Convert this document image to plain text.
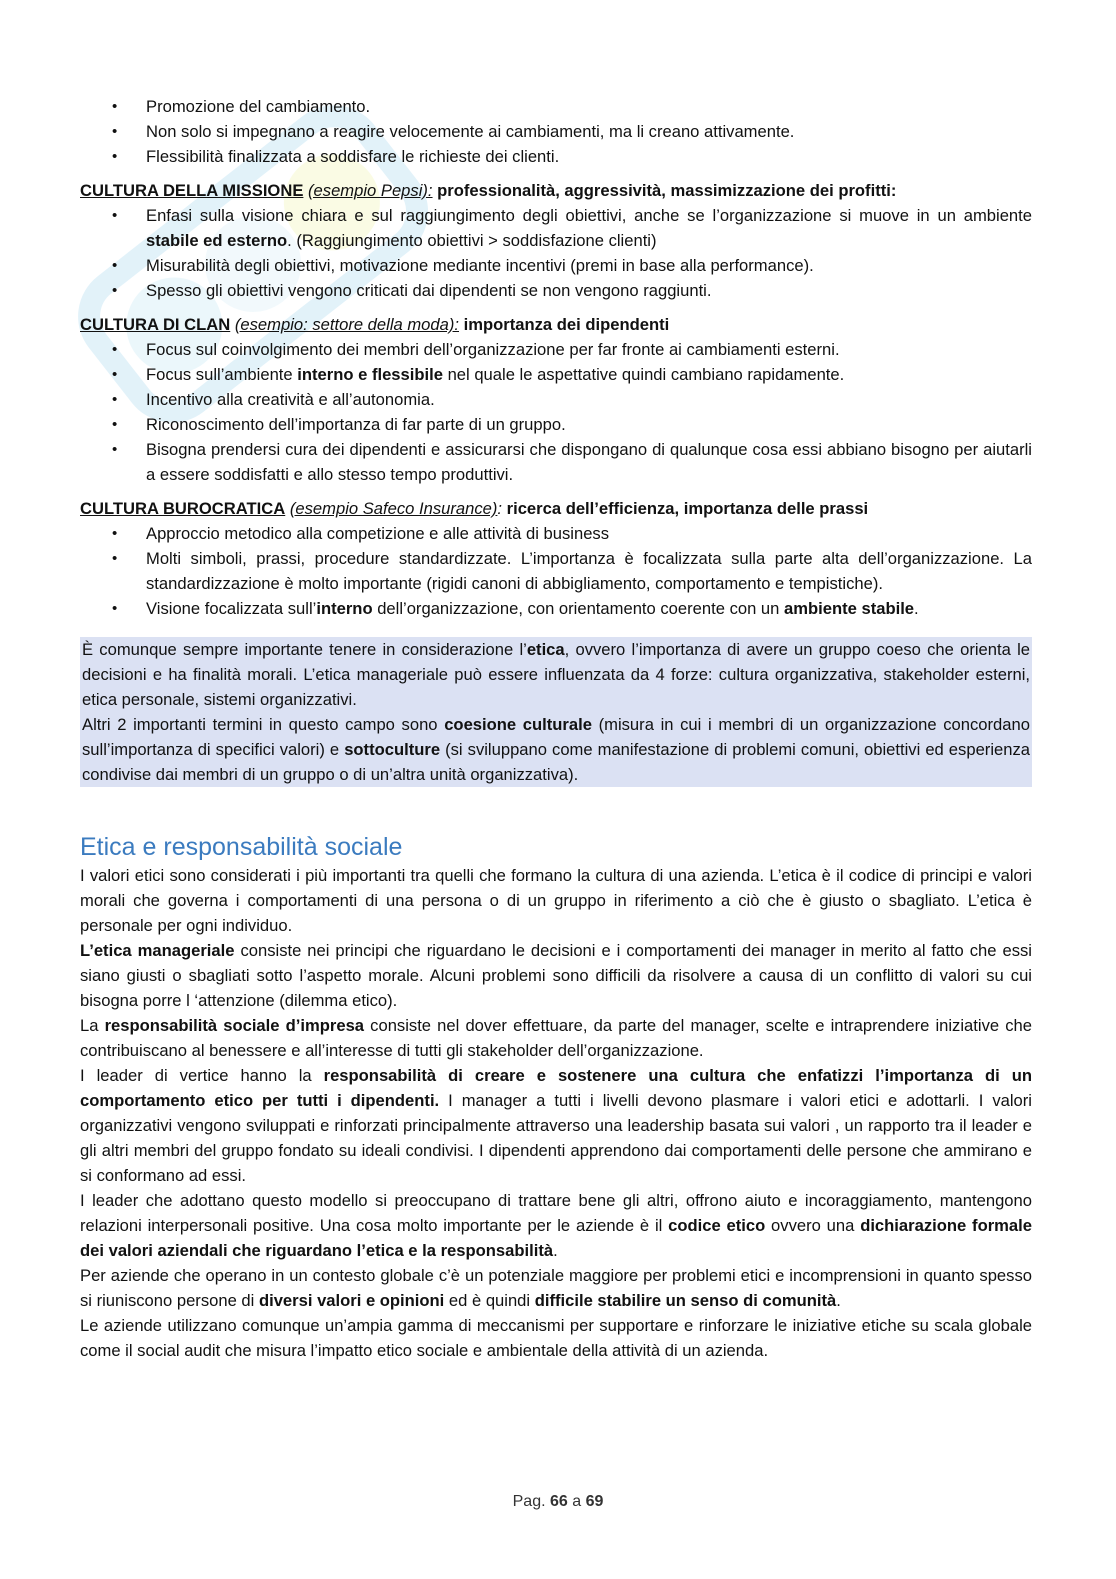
• Promozione del cambiamento.
• Non solo si impegnano a reagire velocemente ai cambiamenti, ma li creano attivamente.
• Flessibilità finalizzata a soddisfare le richieste dei clienti.
CULTURA DELLA MISSIONE (esempio Pepsi): professionalità, aggressività, massimizzazione dei profitti:
• Enfasi sulla visione chiara e sul raggiungimento degli obiettivi, anche se l’organizzazione si muove in un ambiente stabile ed esterno. (Raggiungimento obiettivi > soddisfazione clienti)
• Misurabilità degli obiettivi, motivazione mediante incentivi (premi in base alla performance).
• Spesso gli obiettivi vengono criticati dai dipendenti se non vengono raggiunti.
CULTURA DI CLAN (esempio: settore della moda): importanza dei dipendenti
• Focus sul coinvolgimento dei membri dell’organizzazione per far fronte ai cambiamenti esterni.
• Focus sull’ambiente interno e flessibile nel quale le aspettative quindi cambiano rapidamente.
• Incentivo alla creatività e all’autonomia.
• Riconoscimento dell’importanza di far parte di un gruppo.
• Bisogna prendersi cura dei dipendenti e assicurarsi che dispongano di qualunque cosa essi abbiano bisogno per aiutarli a essere soddisfatti e allo stesso tempo produttivi.
CULTURA BUROCRATICA (esempio Safeco Insurance): ricerca dell’efficienza, importanza delle prassi
• Approccio metodico alla competizione e alle attività di business
• Molti simboli, prassi, procedure standardizzate. L’importanza è focalizzata sulla parte alta dell’organizzazione. La standardizzazione è molto importante (rigidi canoni di abbigliamento, comportamento e tempistiche).
• Visione focalizzata sull’interno dell’organizzazione, con orientamento coerente con un ambiente stabile.

È comunque sempre importante tenere in considerazione l’etica, ovvero l’importanza di avere un gruppo coeso che orienta le decisioni e ha finalità morali. L’etica manageriale può essere influenzata da 4 forze: cultura organizzativa, stakeholder esterni, etica personale, sistemi organizzativi.

Altri 2 importanti termini in questo campo sono coesione culturale (misura in cui i membri di un organizzazione concordano sull’importanza di specifici valori) e sottoculture (si sviluppano come manifestazione di problemi comuni, obiettivi ed esperienza condivise dai membri di un gruppo o di un’altra unità organizzativa).

Etica e responsabilità sociale

I valori etici sono considerati i più importanti tra quelli che formano la cultura di una azienda. L’etica è il codice di principi e valori morali che governa i comportamenti di una persona o di un gruppo in riferimento a ciò che è giusto o sbagliato. L’etica è personale per ogni individuo.

L’etica manageriale consiste nei principi che riguardano le decisioni e i comportamenti dei manager in merito al fatto che essi siano giusti o sbagliati sotto l’aspetto morale. Alcuni problemi sono difficili da risolvere a causa di un conflitto di valori su cui bisogna porre l ‘attenzione (dilemma etico).

La responsabilità sociale d’impresa consiste nel dover effettuare, da parte del manager, scelte e intraprendere iniziative che contribuiscano al benessere e all’interesse di tutti gli stakeholder dell’organizzazione.

I leader di vertice hanno la responsabilità di creare e sostenere una cultura che enfatizzi l’importanza di un comportamento etico per tutti i dipendenti. I manager a tutti i livelli devono plasmare i valori etici e adottarli. I valori organizzativi vengono sviluppati e rinforzati principalmente attraverso una leadership basata sui valori , un rapporto tra il leader e gli altri membri del gruppo fondato su ideali condivisi. I dipendenti apprendono dai comportamenti delle persone che ammirano e si conformano ad essi.

I leader che adottano questo modello si preoccupano di trattare bene gli altri, offrono aiuto e incoraggiamento, mantengono relazioni interpersonali positive. Una cosa molto importante per le aziende è il codice etico ovvero una dichiarazione formale dei valori aziendali che riguardano l’etica e la responsabilità.

Per aziende che operano in un contesto globale c’è un potenziale maggiore per problemi etici e incomprensioni in quanto spesso si riuniscono persone di diversi valori e opinioni ed è quindi difficile stabilire un senso di comunità.

Le aziende utilizzano comunque un’ampia gamma di meccanismi per supportare e rinforzare le iniziative etiche su scala globale come il social audit che misura l’impatto etico sociale e ambientale della attività di un azienda.

Pag. 66 a 69
